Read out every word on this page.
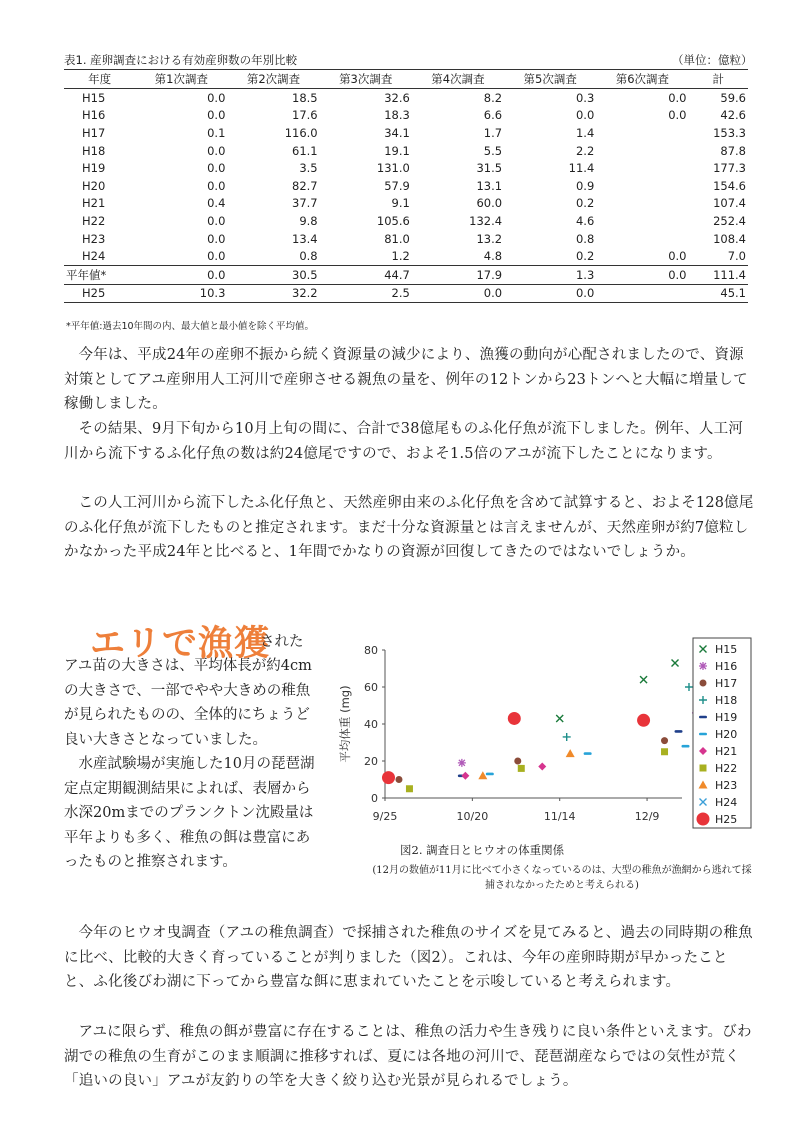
表1. 産卵調査における有効産卵数の年別比較	（単位：億粒）
年度	第1次調査	第2次調査	第3次調査	第4次調査	第5次調査	第6次調査	計
H15	0.0	18.5	32.6	8.2	0.3	0.0	59.6
H16	0.0	17.6	18.3	6.6	0.0	0.0	42.6
H17	0.1	116.0	34.1	1.7	1.4		153.3
H18	0.0	61.1	19.1	5.5	2.2		87.8
H19	0.0	3.5	131.0	31.5	11.4		177.3
H20	0.0	82.7	57.9	13.1	0.9		154.6
H21	0.4	37.7	9.1	60.0	0.2		107.4
H22	0.0	9.8	105.6	132.4	4.6		252.4
H23	0.0	13.4	81.0	13.2	0.8		108.4
H24	0.0	0.8	1.2	4.8	0.2	0.0	7.0
平年値*	0.0	30.5	44.7	17.9	1.3	0.0	111.4
H25	10.3	32.2	2.5	0.0	0.0		45.1
*平年値:過去10年間の内、最大値と最小値を除く平均値。
今年は、平成24年の産卵不振から続く資源量の減少により、漁獲の動向が心配されましたので、資源対策としてアユ産卵用人工河川で産卵させる親魚の量を、例年の12トンから23トンへと大幅に増量して稼働しました。
その結果、9月下旬から10月上旬の間に、合計で38億尾ものふ化仔魚が流下しました。例年、人工河川から流下するふ化仔魚の数は約24億尾ですので、およそ1.5倍のアユが流下したことになります。
この人工河川から流下したふ化仔魚と、天然産卵由来のふ化仔魚を含めて試算すると、およそ128億尾のふ化仔魚が流下したものと推定されます。まだ十分な資源量とは言えませんが、天然産卵が約7億粒しかなかった平成24年と比べると、1年間でかなりの資源が回復してきたのではないでしょうか。
エリで漁獲
された
アユ苗の大きさは、平均体長が約4cmの大きさで、一部でやや大きめの稚魚が見られたものの、全体的にちょうど良い大きさとなっていました。
水産試験場が実施した10月の琵琶湖定点定期観測結果によれば、表層から水深20mまでのプランクトン沈殿量は平年よりも多く、稚魚の餌は豊富にあったものと推察されます。
0
20
40
60
80
9/25	10/20	11/14	12/9
平均体重 (mg)
H15
H16
H17
H18
H19
H20
H21
H22
H23
H24
H25
図2. 調査日とヒウオの体重関係
(12月の数値が11月に比べて小さくなっているのは、大型の稚魚が漁網から逃れて採捕されなかったためと考えられる)
今年のヒウオ曳調査（アユの稚魚調査）で採捕された稚魚のサイズを見てみると、過去の同時期の稚魚に比べ、比較的大きく育っていることが判りました（図2）。これは、今年の産卵時期が早かったことと、ふ化後びわ湖に下ってから豊富な餌に恵まれていたことを示唆していると考えられます。
アユに限らず、稚魚の餌が豊富に存在することは、稚魚の活力や生き残りに良い条件といえます。びわ湖での稚魚の生育がこのまま順調に推移すれば、夏には各地の河川で、琵琶湖産ならではの気性が荒く「追いの良い」アユが友釣りの竿を大きく絞り込む光景が見られるでしょう。
